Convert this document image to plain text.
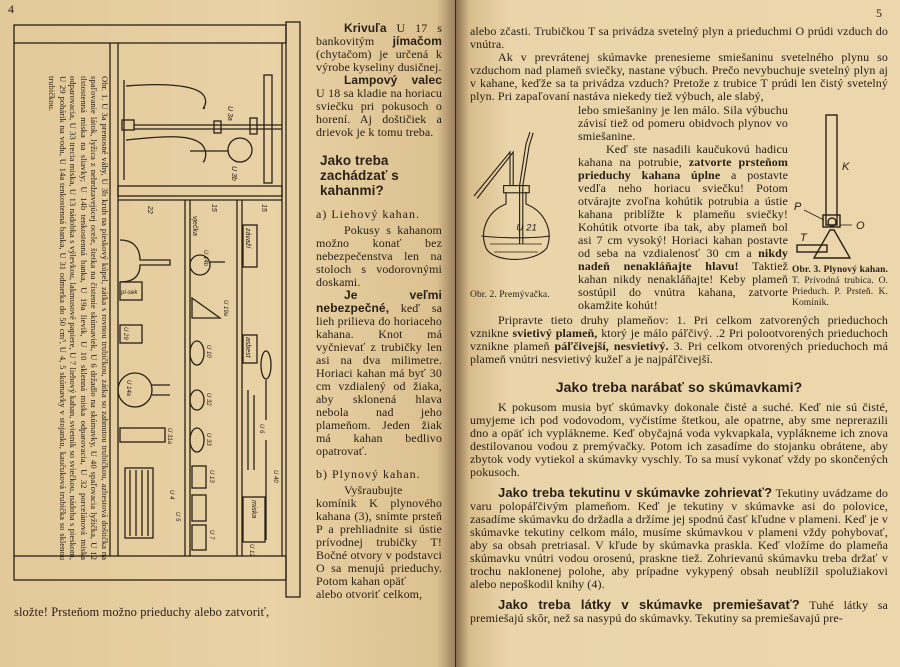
4
U 3a
U 3b
22	15	15
vječka
závaží
pí-sek
U 14b
U 19a
U 29
U 10
U 14a
asbest
U 32
U 6
U 31a	U 33
U 13
U 4
U 5
U 40
miska
U 7
U 12
Obr. 1. U 3a prenosné váhy, U 3b kruh na pieskový kúpel, zátka s rovnou trubičkou, zátka so zahnutou trubičkou, azbestová doštička na spaľovanie látok, lyžica z nehrdzavejúcej ocele, štetka na čistenie skúmaviek, U 6 držadlo na skúmavky, U 40 spaľovacia lyžička, U 12 tlstostenná miska na sliavky; U 14b tenkostenná banka, U 19a lievik, U 10 sklenná miska odparovacia, U 32 porcelánová miska odparovacia, U 33 trecia miska, U 13 nádobka s výlevkou, lakmusové papiere, U 7 liehový kahan, svietnik so sviečkou, nádoba s pieskom, U 29 pohárik na vodu, U 14a tenkostenná banka, U 31 odmerka do 50 cm³, U 4, 5 skúmavky v stojanku, kaučuková trubička so sklenou trubičkou.
složte! Prsteňom možno prieduchy alebo zatvoriť,

Krivuľa U 17 s bankovitým jímačom (chytačom) je určená k výrobe kyseliny dusičnej.

Lampový valec U 18 sa kladie na horiacu sviečku pri pokusoch o horení. Aj doštičiek a drievok je k tomu treba.

Jako treba zachádzať s kahanmi?

a) Liehový kahan.

Pokusy s kahanom možno konať bez nebezpečenstva len na stoloch s vodorovnými doskami.

Je veľmi nebezpečné, keď sa lieh prilieva do horiaceho kahana. Knot má vyčnievať z trubičky len asi na dva milimetre. Horiaci kahan má byť 30 cm vzdialený od žiaka, aby sklonená hlava nebola nad jeho plameňom. Jeden žiak má kahan bedlivo opatrovať.

b) Plynový kahan.

Vyšraubujte komínik K plynového kahana (3), snímte prsteň P a prehliadnite si ústie prívodnej trubičky T! Bočné otvory v podstavci O sa menujú prieduchy. Potom kahan opäť

alebo otvoriť celkom,

5

alebo zčasti. Trubičkou T sa privádza svetelný plyn a prieduchmi O prúdi vzduch do vnútra.

Ak v prevrátenej skúmavke prenesieme smiešaninu svetelného plynu so vzduchom nad plameň sviečky, nastane výbuch. Prečo nevybuchuje svetelný plyn aj v kahane, keďže sa ta privádza vzduch? Pretože z trubice T prúdi len čistý svetelný plyn. Pri zapaľovaní nastáva niekedy tiež výbuch, ale slabý,

U 21
Obr. 2. Premývačka.

lebo smiešaniny je len málo. Sila výbuchu závisí tiež od pomeru obidvoch plynov vo smiešanine.

Keď ste nasadili kaučukovú hadicu kahana na potrubie, zatvorte prsteňom prieduchy kahana úplne a postavte vedľa neho horiacu sviečku! Potom otvárajte zvoľna kohútik potrubia a ústie kahana priblížte k plameňu sviečky! Kohútik otvorte iba tak, aby plameň bol asi 7 cm vysoký! Horiaci kahan postavte od seba na vzdialenosť 30 cm a nikdy nadeň nenakláňajte hlavu! Taktiež kahan nikdy nenakláňajte! Keby plameň sostúpil do vnútra kahana, zatvorte okamžite kohút!

K
P
O
T
Obr. 3. Plynový kahan. T. Prívodná trubica. O. Prieduch. P. Prsteň. K. Komínik.

Pripravte tieto druhy plameňov: 1. Pri celkom zatvorených prieduchoch vznikne svietivý plameň, ktorý je málo páľčivý. .2 Pri polootvorených prieduchoch vznikne plameň páľčivejší, nesvietivý. 3. Pri celkom otvorených prieduchoch má plameň vnútri nesvietivý kužeľ a je najpáľčivejší.

Jako treba narábať so skúmavkami?

K pokusom musia byť skúmavky dokonale čisté a suché. Keď nie sú čisté, umyjeme ich pod vodovodom, vyčistíme štetkou, ale opatrne, aby sme neprerazili dno a opäť ich vyplákneme. Keď obyčajná voda vykvapkala, vyplákneme ich znova destilovanou vodou z premývačky. Potom ich zasadíme do stojanku obrátene, aby zbytok vody vytiekol a skúmavky vyschly. To sa musí vykonať vždy po skončených pokusoch.

Jako treba tekutinu v skúmavke zohrievať? Tekutiny uvádzame do varu polopáľčivým plameňom. Keď je tekutiny v skúmavke asi do polovice, zasadíme skúmavku do držadla a držíme jej spodnú časť kľudne v plameni. Keď je v skúmavke tekutiny celkom málo, musíme skúmavkou v plameni vždy pohybovať, aby sa obsah pretriasal. V kľude by skúmavka praskla. Keď vložíme do plameňa skúmavku vnútri vodou orosenú, praskne tiež. Zohrievanú skúmavku treba držať v trochu naklonenej polohe, aby prípadne vykypený obsah neublížil spolužiakovi alebo nepoškodil knihy (4).

Jako treba látky v skúmavke premiešavať? Tuhé látky sa premiešajú skôr, než sa nasypú do skúmavky. Tekutiny sa premiešavajú pre-
